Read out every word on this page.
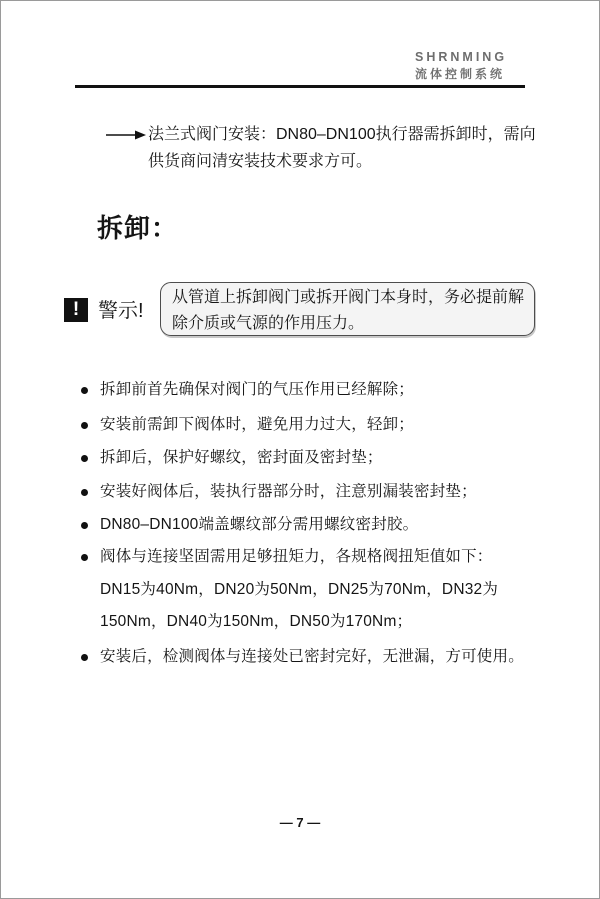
SHRNMING
流体控制系统
法兰式阀门安装：DN80–DN100执行器需拆卸时，需向
供货商问清安装技术要求方可。
拆卸：
! 警示!
从管道上拆卸阀门或拆开阀门本身时，务必提前解
除介质或气源的作用压力。
拆卸前首先确保对阀门的气压作用已经解除；
安装前需卸下阀体时，避免用力过大，轻卸；
拆卸后，保护好螺纹，密封面及密封垫；
安装好阀体后，装执行器部分时，注意别漏装密封垫；
DN80–DN100端盖螺纹部分需用螺纹密封胶。
阀体与连接坚固需用足够扭矩力，各规格阀扭矩值如下：
DN15为40Nm，DN20为50Nm，DN25为70Nm，DN32为
150Nm，DN40为150Nm，DN50为170Nm；
安装后，检测阀体与连接处已密封完好，无泄漏，方可使用。
— 7 —
